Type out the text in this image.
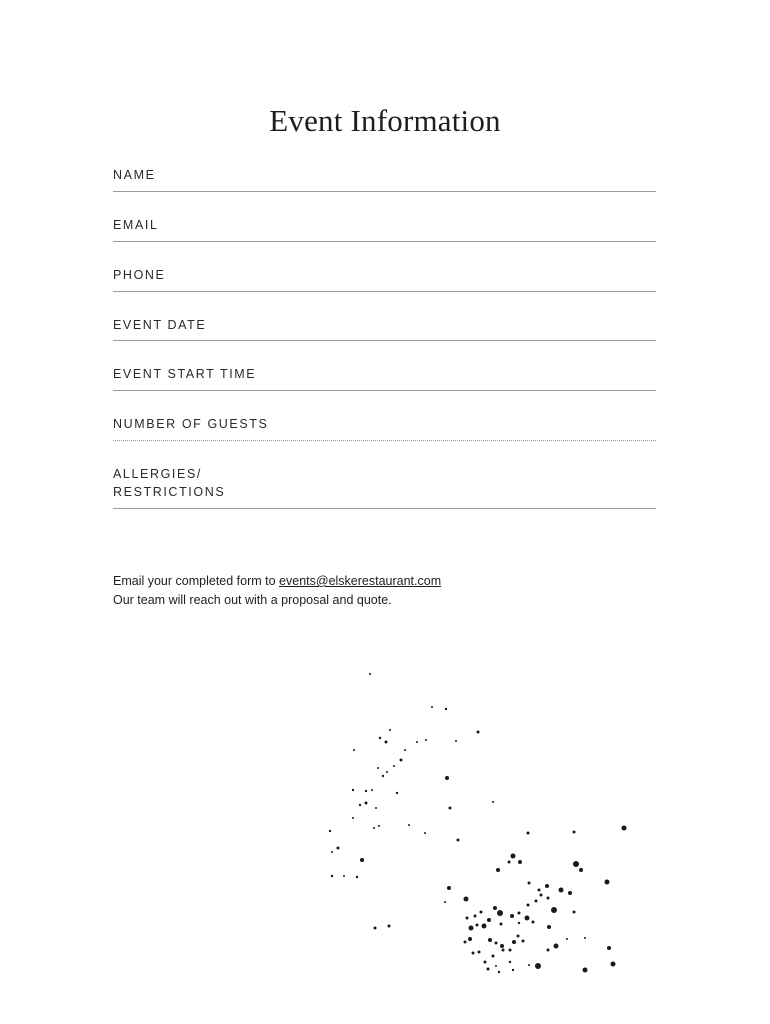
Event Information
NAME
EMAIL
PHONE
EVENT DATE
EVENT START TIME
NUMBER OF GUESTS
ALLERGIES/
RESTRICTIONS
Email your completed form to events@elskerestaurant.com
Our team will reach out with a proposal and quote.
